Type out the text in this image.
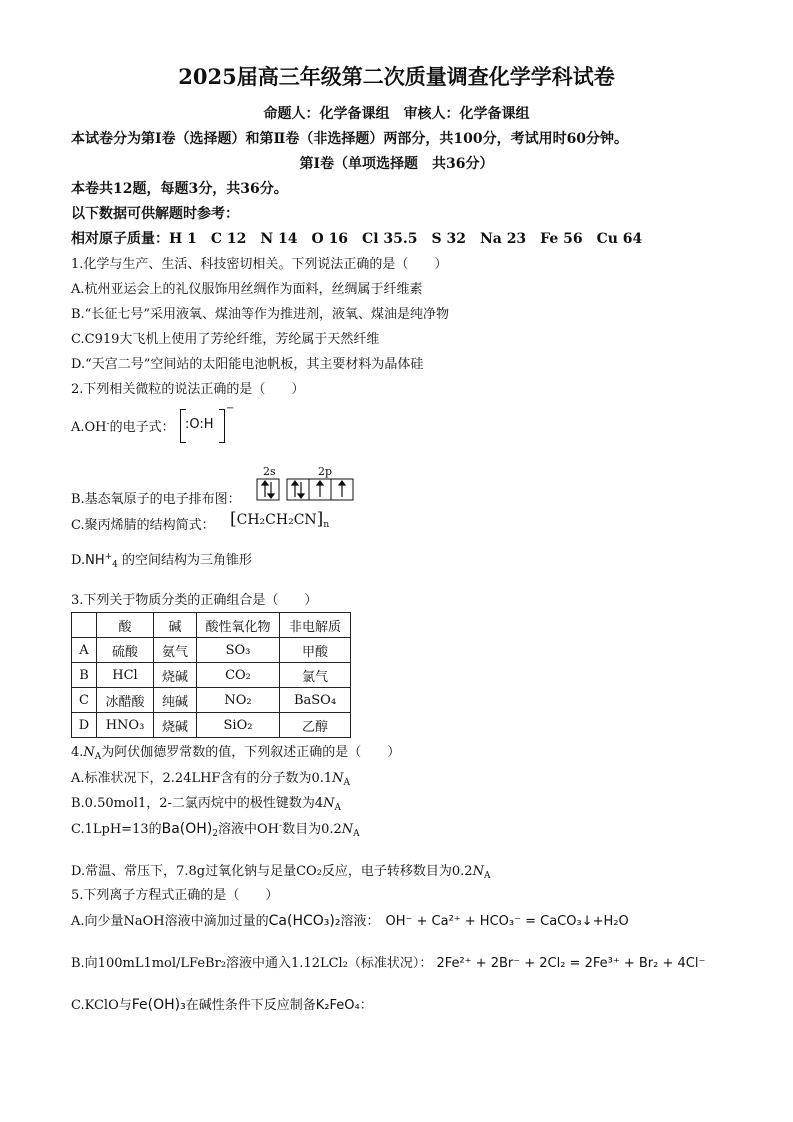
2025届高三年级第二次质量调查化学学科试卷
命题人：化学备课组　审核人：化学备课组
本试卷分为第Ⅰ卷（选择题）和第Ⅱ卷（非选择题）两部分，共100分，考试用时60分钟。
第Ⅰ卷（单项选择题　共36分）
本卷共12题，每题3分，共36分。
以下数据可供解题时参考：
相对原子质量：H 1　C 12　N 14　O 16　Cl 35.5　S 32　Na 23　Fe 56　Cu 64
1.化学与生产、生活、科技密切相关。下列说法正确的是（　　）
A.杭州亚运会上的礼仪服饰用丝绸作为面料，丝绸属于纤维素
B.“长征七号”采用液氧、煤油等作为推进剂，液氧、煤油是纯净物
C.C919大飞机上使用了芳纶纤维，芳纶属于天然纤维
D.“天宫二号”空间站的太阳能电池帆板，其主要材料为晶体硅
2.下列相关微粒的说法正确的是（　　）
A.OH-的电子式： :O:H
−
B.基态氧原子的电子排布图：
2s	2p
C.聚丙烯腈的结构简式： $[CH_2CH_2CN]_n$
$D.NH^+_4$ 的空间结构为三角锥形
3.下列关于物质分类的正确组合是（　　）
	酸	碱	酸性氧化物	非电解质
A	硫酸	氨气	SO₃	甲酸
B	HCl	烧碱	CO₂	氯气
C	冰醋酸	纯碱	NO₂	BaSO₄
D	HNO₃	烧碱	SiO₂	乙醇
$4.N_A$为阿伏伽德罗常数的值，下列叙述正确的是（　　）
A.标准状况下，2.24LHF含有的分子数为$0.1N_A$
B.0.50mol1，2-二氯丙烷中的极性键数为$4N_A$
C.1LpH=13的$Ba(OH)_2$溶液中OH-数目为$0.2N_A$
D.常温、常压下，7.8g过氧化钠与足量CO₂反应，电子转移数目为$0.2N_A$
5.下列离子方程式正确的是（　　）
A.向少量NaOH溶液中滴加过量的Ca(HCO₃)₂溶液： OH⁻ + Ca²⁺ + HCO₃⁻ = CaCO₃↓+H₂O
B.向100mL1mol/LFeBr₂溶液中通入1.12LCl₂（标准状况）： 2Fe²⁺ + 2Br⁻ + 2Cl₂ = 2Fe³⁺ + Br₂ + 4Cl⁻
C.KClO与Fe(OH)₃在碱性条件下反应制备K₂FeO₄：
